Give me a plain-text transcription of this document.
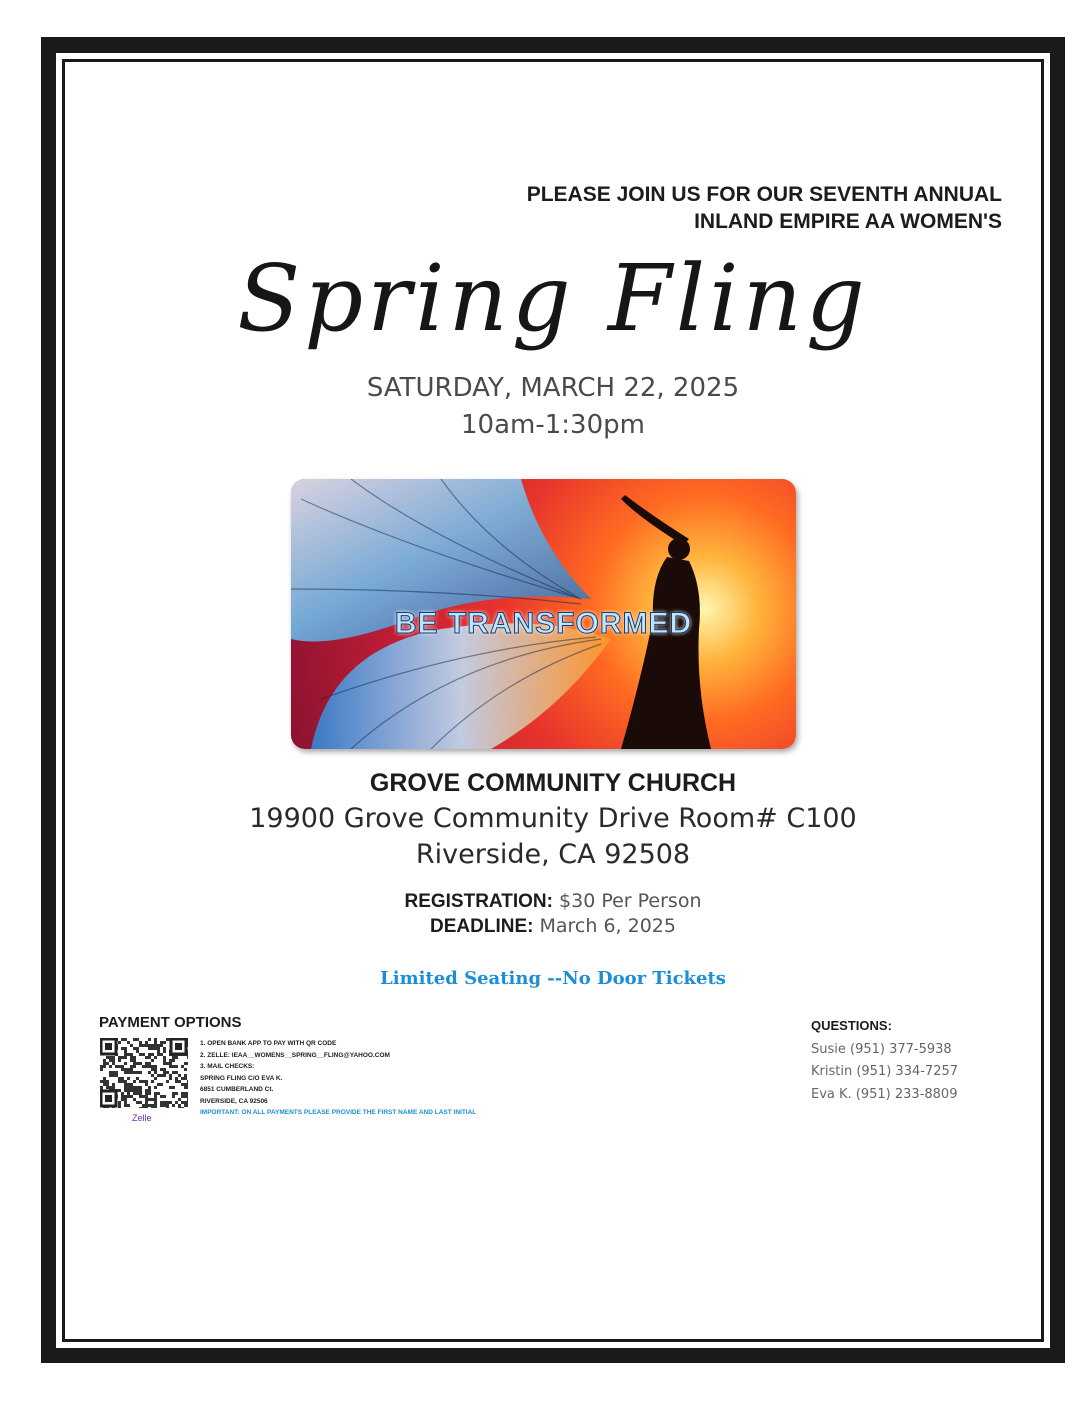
PLEASE JOIN US FOR OUR SEVENTH ANNUAL
INLAND EMPIRE AA WOMEN'S
Spring Fling
SATURDAY, MARCH 22, 2025
10am-1:30pm
BE TRANSFORMED
GROVE COMMUNITY CHURCH
19900 Grove Community Drive Room# C100
Riverside, CA 92508
REGISTRATION: $30 Per Person
DEADLINE: March 6, 2025
Limited Seating --No Door Tickets
PAYMENT OPTIONS
Zelle
1. OPEN BANK APP TO PAY WITH QR CODE
2. ZELLE: IEAA__WOMENS__SPRING__FLING@YAHOO.COM
3. MAIL CHECKS:
SPRING FLING C/O EVA K.
6851 CUMBERLAND Ct.
RIVERSIDE, CA 92506
IMPORTANT: ON ALL PAYMENTS PLEASE PROVIDE THE FIRST NAME AND LAST INITIAL
QUESTIONS:
Susie (951) 377-5938
Kristin (951) 334-7257
Eva K. (951) 233-8809
